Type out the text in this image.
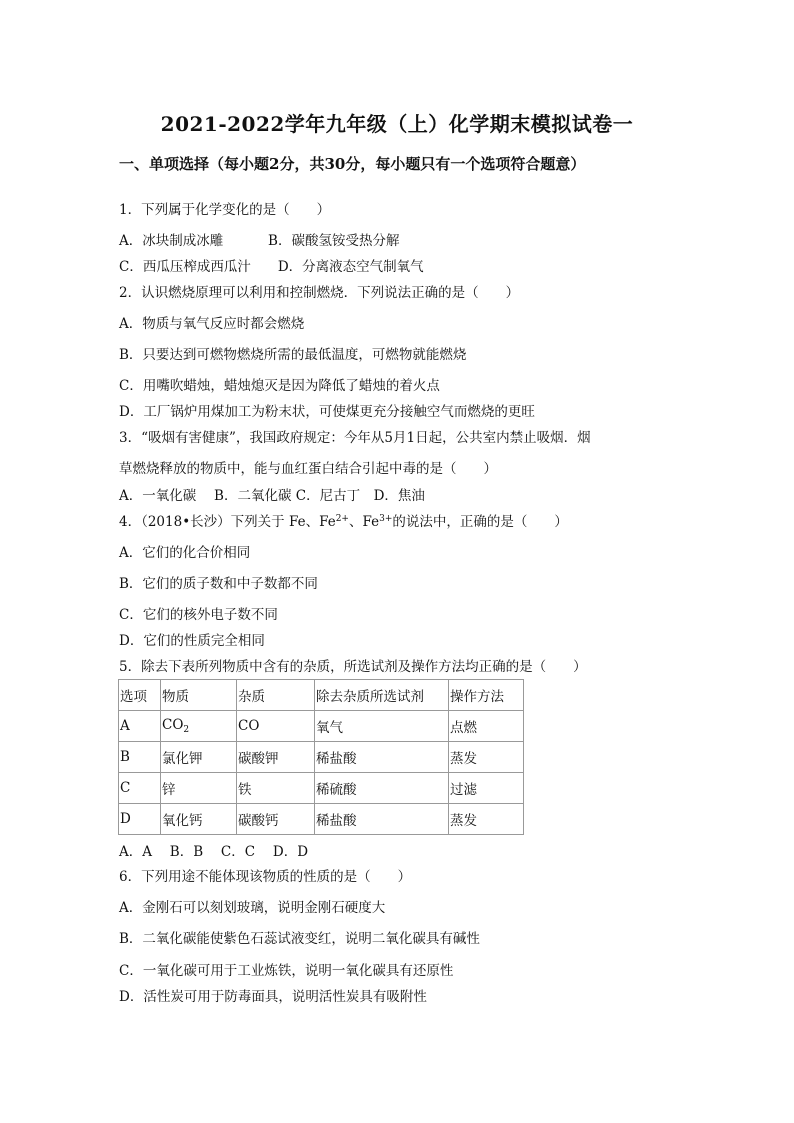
2021-2022学年九年级（上）化学期末模拟试卷一
一、单项选择（每小题2分，共30分，每小题只有一个选项符合题意）
1．下列属于化学变化的是（　　）
A．冰块制成冰雕　　　 B．碳酸氢铵受热分解
C．西瓜压榨成西瓜汁　　D．分离液态空气制氧气
2．认识燃烧原理可以利用和控制燃烧．下列说法正确的是（　　）
A．物质与氧气反应时都会燃烧
B．只要达到可燃物燃烧所需的最低温度，可燃物就能燃烧
C．用嘴吹蜡烛，蜡烛熄灭是因为降低了蜡烛的着火点
D．工厂锅炉用煤加工为粉末状，可使煤更充分接触空气而燃烧的更旺
3．“吸烟有害健康”，我国政府规定：今年从5月1日起，公共室内禁止吸烟．烟
草燃烧释放的物质中，能与血红蛋白结合引起中毒的是（　　）
A．一氧化碳　 B．二氧化碳 C．尼古丁　D．焦油
4．（2018•长沙）下列关于 Fe、$Fe^{2+}$、$Fe^{3+}$的说法中，正确的是（　　）
A．它们的化合价相同
B．它们的质子数和中子数都不同
C．它们的核外电子数不同
D．它们的性质完全相同
5．除去下表所列物质中含有的杂质，所选试剂及操作方法均正确的是（　　）
选项	物质	杂质	除去杂质所选试剂	操作方法
A	$CO_2$	CO	氧气	点燃
B	氯化钾	碳酸钾	稀盐酸	蒸发
C	锌	铁	稀硫酸	过滤
D	氧化钙	碳酸钙	稀盐酸	蒸发
A．A　 B．B　 C．C　 D．D
6．下列用途不能体现该物质的性质的是（　　）
A．金刚石可以刻划玻璃，说明金刚石硬度大
B．二氧化碳能使紫色石蕊试液变红，说明二氧化碳具有碱性
C．一氧化碳可用于工业炼铁，说明一氧化碳具有还原性
D．活性炭可用于防毒面具，说明活性炭具有吸附性
